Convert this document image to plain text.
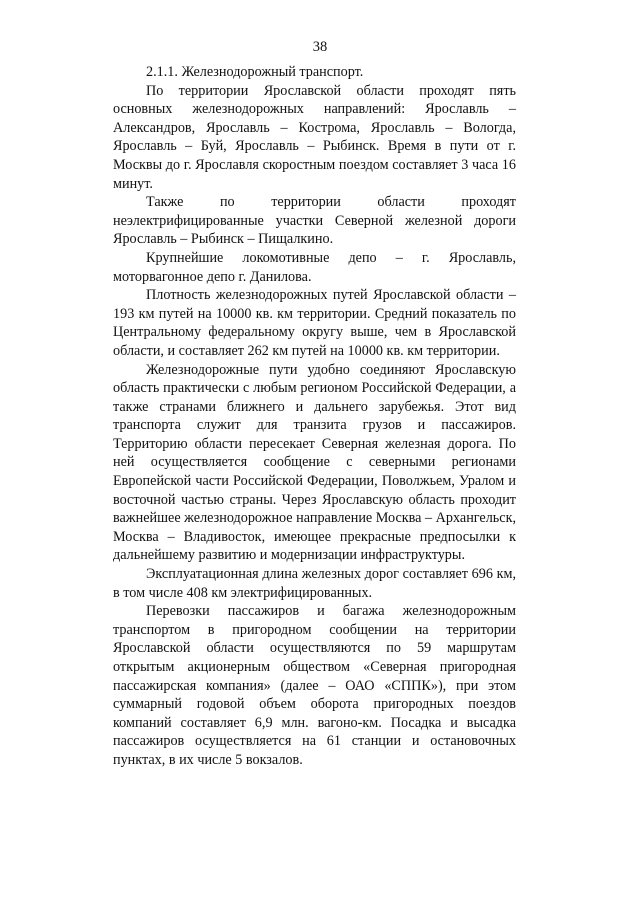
38

2.1.1. Железнодорожный транспорт.

По территории Ярославской области проходят пять основных железнодорожных направлений: Ярославль – Александров, Ярославль – Кострома, Ярославль – Вологда, Ярославль – Буй, Ярославль – Рыбинск. Время в пути от г. Москвы до г. Ярославля скоростным поездом составляет 3 часа 16 минут.

Также по территории области проходят неэлектрифицированные участки Северной железной дороги Ярославль – Рыбинск – Пищалкино.

Крупнейшие локомотивные депо – г. Ярославль, моторвагонное депо г. Данилова.

Плотность железнодорожных путей Ярославской области – 193 км путей на 10000 кв. км территории. Средний показатель по Центральному федеральному округу выше, чем в Ярославской области, и составляет 262 км путей на 10000 кв. км территории.

Железнодорожные пути удобно соединяют Ярославскую область практически с любым регионом Российской Федерации, а также странами ближнего и дальнего зарубежья. Этот вид транспорта служит для транзита грузов и пассажиров. Территорию области пересекает Северная железная дорога. По ней осуществляется сообщение с северными регионами Европейской части Российской Федерации, Поволжьем, Уралом и восточной частью страны. Через Ярославскую область проходит важнейшее железнодорожное направление Москва – Архангельск, Москва – Владивосток, имеющее прекрасные предпосылки к дальнейшему развитию и модернизации инфраструктуры.

Эксплуатационная длина железных дорог составляет 696 км, в том числе 408 км электрифицированных.

Перевозки пассажиров и багажа железнодорожным транспортом в пригородном сообщении на территории Ярославской области осуществляются по 59 маршрутам открытым акционерным обществом «Северная пригородная пассажирская компания» (далее – ОАО «СППК»), при этом суммарный годовой объем оборота пригородных поездов компаний составляет 6,9 млн. вагоно-км. Посадка и высадка пассажиров осуществляется на 61 станции и остановочных пунктах, в их числе 5 вокзалов.
